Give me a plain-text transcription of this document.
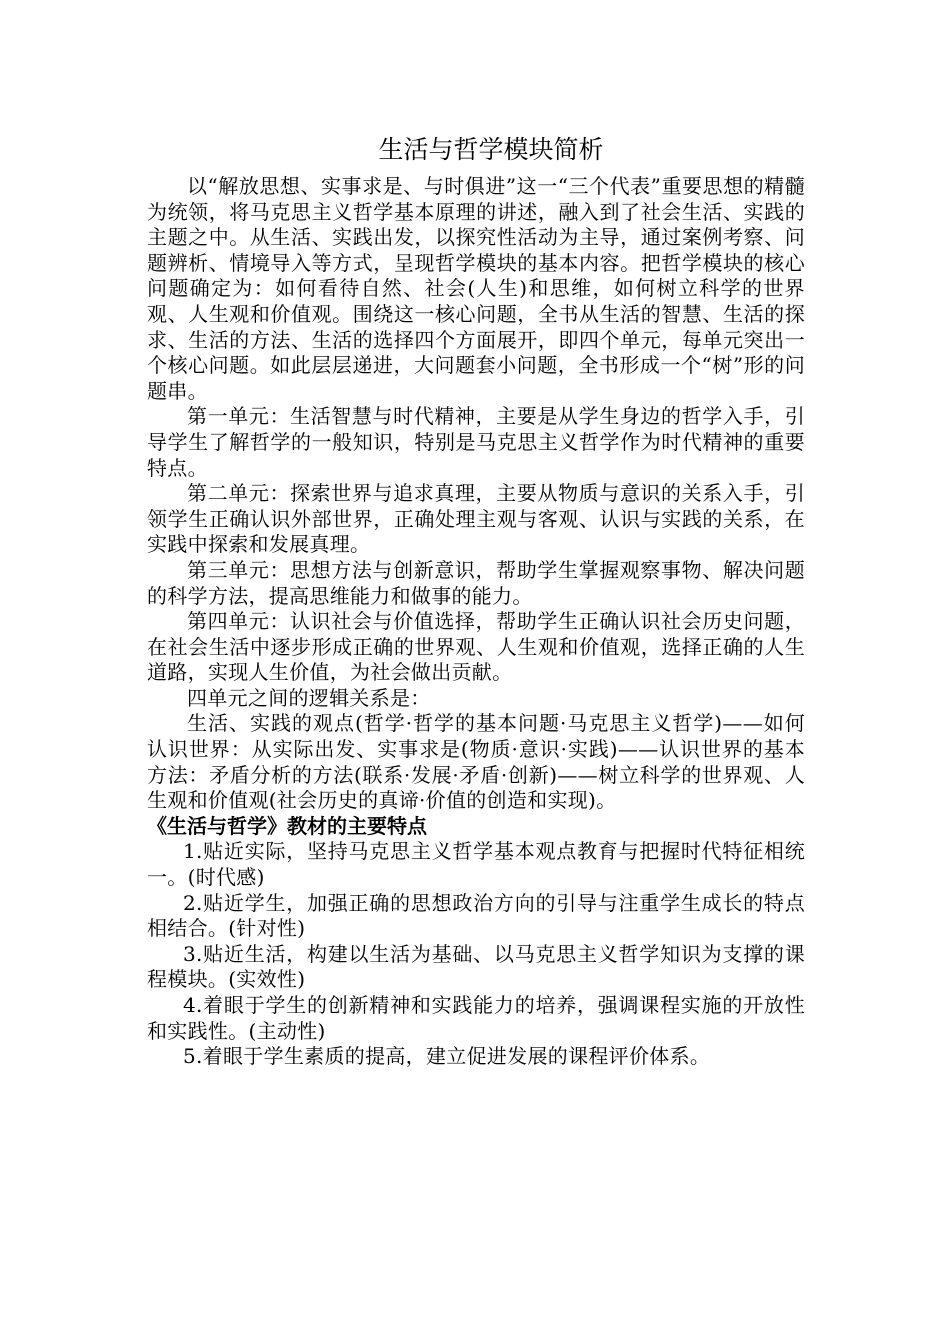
生活与哲学模块简析

以“解放思想、实事求是、与时俱进”这一“三个代表”重要思想的精髓为统领，将马克思主义哲学基本原理的讲述，融入到了社会生活、实践的主题之中。从生活、实践出发，以探究性活动为主导，通过案例考察、问题辨析、情境导入等方式，呈现哲学模块的基本内容。把哲学模块的核心问题确定为：如何看待自然、社会(人生)和思维，如何树立科学的世界观、人生观和价值观。围绕这一核心问题，全书从生活的智慧、生活的探求、生活的方法、生活的选择四个方面展开，即四个单元，每单元突出一个核心问题。如此层层递进，大问题套小问题，全书形成一个“树”形的问题串。

第一单元：生活智慧与时代精神，主要是从学生身边的哲学入手，引导学生了解哲学的一般知识，特别是马克思主义哲学作为时代精神的重要特点。

第二单元：探索世界与追求真理，主要从物质与意识的关系入手，引领学生正确认识外部世界，正确处理主观与客观、认识与实践的关系，在实践中探索和发展真理。

第三单元：思想方法与创新意识，帮助学生掌握观察事物、解决问题的科学方法，提高思维能力和做事的能力。

第四单元：认识社会与价值选择，帮助学生正确认识社会历史问题，在社会生活中逐步形成正确的世界观、人生观和价值观，选择正确的人生道路，实现人生价值，为社会做出贡献。

四单元之间的逻辑关系是：

生活、实践的观点(哲学·哲学的基本问题·马克思主义哲学)——如何认识世界：从实际出发、实事求是(物质·意识·实践)——认识世界的基本方法：矛盾分析的方法(联系·发展·矛盾·创新)——树立科学的世界观、人生观和价值观(社会历史的真谛·价值的创造和实现)。

《生活与哲学》教材的主要特点

1.贴近实际，坚持马克思主义哲学基本观点教育与把握时代特征相统一。(时代感)

2.贴近学生，加强正确的思想政治方向的引导与注重学生成长的特点相结合。(针对性)

3.贴近生活，构建以生活为基础、以马克思主义哲学知识为支撑的课程模块。(实效性)

4.着眼于学生的创新精神和实践能力的培养，强调课程实施的开放性和实践性。(主动性)

5.着眼于学生素质的提高，建立促进发展的课程评价体系。
